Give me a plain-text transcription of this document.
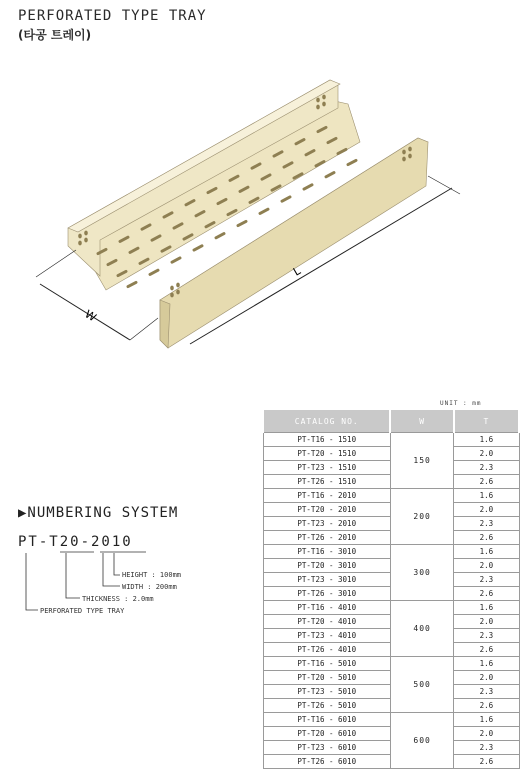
PERFORATED TYPE TRAY
(타공 트레이)
W
L
▶NUMBERING SYSTEM
PT-T20-2010
HEIGHT : 100mm
WIDTH : 200mm
THICKNESS : 2.0mm
PERFORATED TYPE TRAY
UNIT : mm
CATALOG NO.	W	T
PT-T16 - 1510	150	1.6
PT-T20 - 1510		2.0
PT-T23 - 1510		2.3
PT-T26 - 1510		2.6
PT-T16 - 2010	200	1.6
PT-T20 - 2010		2.0
PT-T23 - 2010		2.3
PT-T26 - 2010		2.6
PT-T16 - 3010	300	1.6
PT-T20 - 3010		2.0
PT-T23 - 3010		2.3
PT-T26 - 3010		2.6
PT-T16 - 4010	400	1.6
PT-T20 - 4010		2.0
PT-T23 - 4010		2.3
PT-T26 - 4010		2.6
PT-T16 - 5010	500	1.6
PT-T20 - 5010		2.0
PT-T23 - 5010		2.3
PT-T26 - 5010		2.6
PT-T16 - 6010	600	1.6
PT-T20 - 6010		2.0
PT-T23 - 6010		2.3
PT-T26 - 6010		2.6
